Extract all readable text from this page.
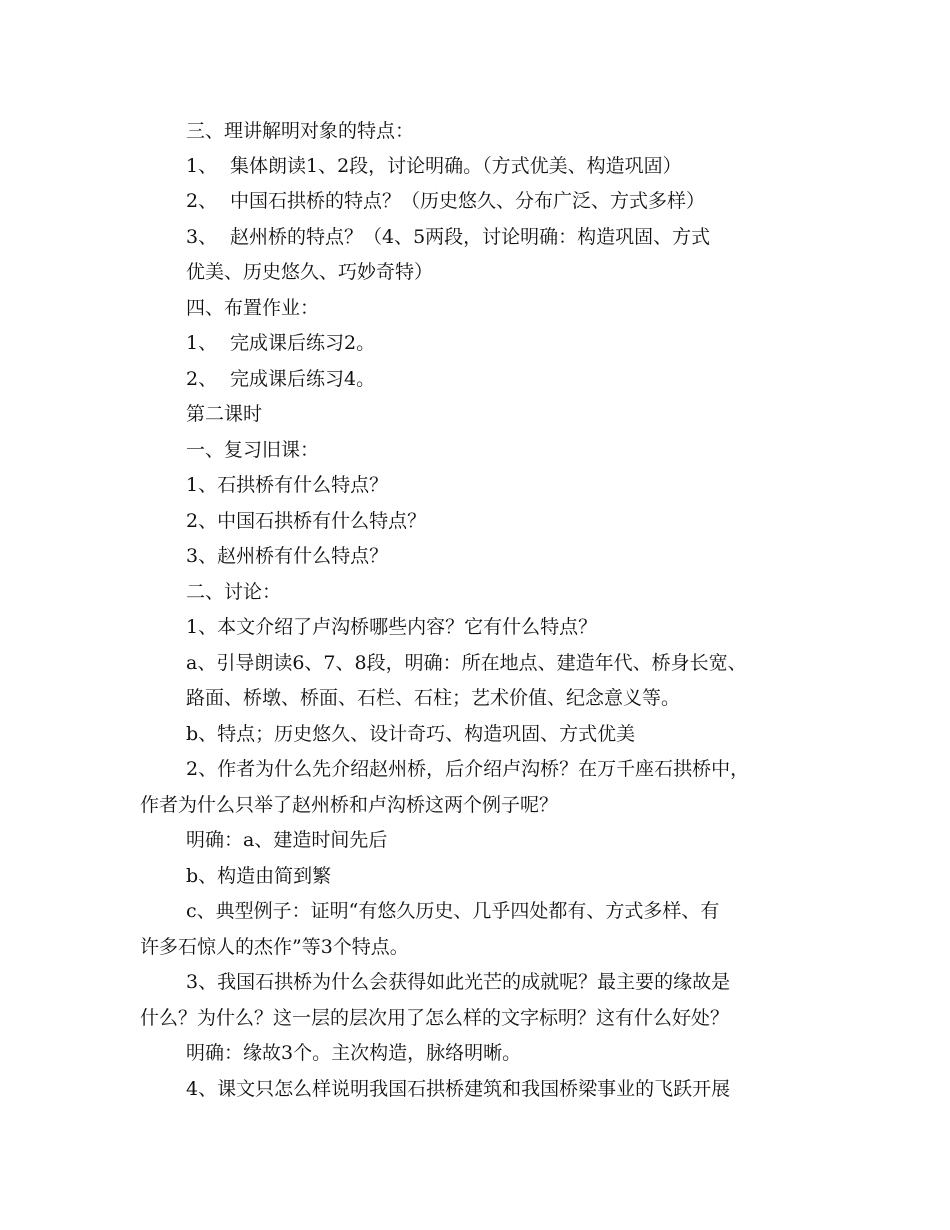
三、理讲解明对象的特点：
1、 集体朗读1、2段，讨论明确。（方式优美、构造巩固）
2、 中国石拱桥的特点？（历史悠久、分布广泛、方式多样）
3、 赵州桥的特点？（4、5两段，讨论明确：构造巩固、方式
优美、历史悠久、巧妙奇特）
四、布置作业：
1、 完成课后练习2。
2、 完成课后练习4。
第二课时
一、复习旧课：
1、石拱桥有什么特点？
2、中国石拱桥有什么特点？
3、赵州桥有什么特点？
二、讨论：
1、本文介绍了卢沟桥哪些内容？它有什么特点？
a、引导朗读6、7、8段，明确：所在地点、建造年代、桥身长宽、
路面、桥墩、桥面、石栏、石柱；艺术价值、纪念意义等。
b、特点；历史悠久、设计奇巧、构造巩固、方式优美
2、作者为什么先介绍赵州桥，后介绍卢沟桥？在万千座石拱桥中，
作者为什么只举了赵州桥和卢沟桥这两个例子呢？
明确：a、建造时间先后
b、构造由简到繁
c、典型例子：证明“有悠久历史、几乎四处都有、方式多样、有
许多石惊人的杰作”等3个特点。
3、我国石拱桥为什么会获得如此光芒的成就呢？最主要的缘故是
什么？为什么？这一层的层次用了怎么样的文字标明？这有什么好处？
明确：缘故3个。主次构造，脉络明晰。
4、课文只怎么样说明我国石拱桥建筑和我国桥梁事业的飞跃开展
